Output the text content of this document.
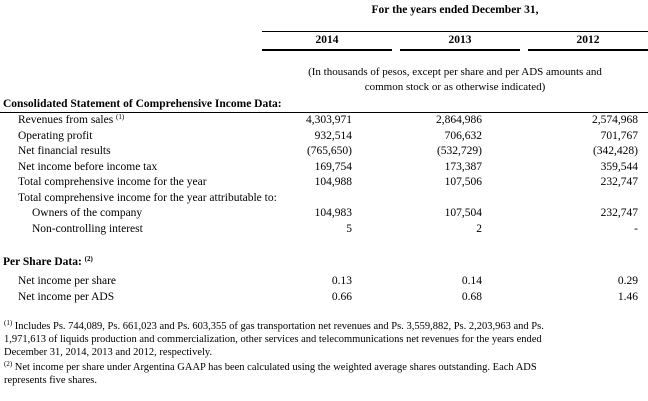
For the years ended December 31,
2014	2013	2012
(In thousands of pesos, except per share and per ADS amounts and
common stock or as otherwise indicated)
Consolidated Statement of Comprehensive Income Data:
Revenues from sales $^{(1)}$	4,303,971	2,864,986	2,574,968
Operating profit	932,514	706,632	701,767
Net financial results	(765,650)	(532,729)	(342,428)
Net income before income tax	169,754	173,387	359,544
Total comprehensive income for the year	104,988	107,506	232,747
Total comprehensive income for the year attributable to:
Owners of the company	104,983	107,504	232,747
Non-controlling interest	5	2	-
Per Share Data: $^{(2)}$
Net income per share	0.13	0.14	0.29
Net income per ADS	0.66	0.68	1.46
$^{(1)}$ Includes Ps. 744,089, Ps. 661,023 and Ps. 603,355 of gas transportation net revenues and Ps. 3,559,882, Ps. 2,203,963 and Ps.
1,971,613 of liquids production and commercialization, other services and telecommunications net revenues for the years ended
December 31, 2014, 2013 and 2012, respectively.
$^{(2)}$ Net income per share under Argentina GAAP has been calculated using the weighted average shares outstanding. Each ADS
represents five shares.
